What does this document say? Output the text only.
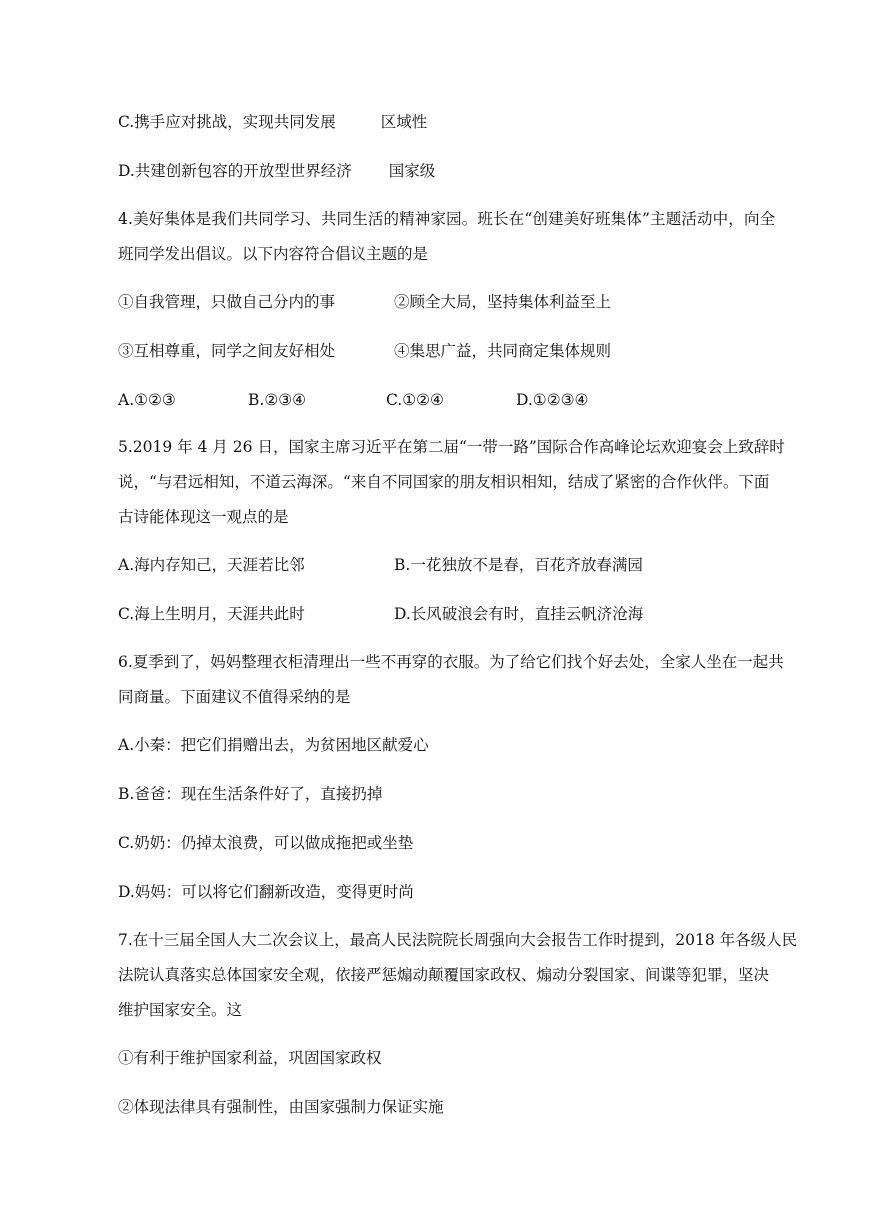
C.携手应对挑战，实现共同发展	区域性
D.共建创新包容的开放型世界经济 国家级
4.美好集体是我们共同学习、共同生活的精神家园。班长在“创建美好班集体”主题活动中，向全
班同学发出倡议。以下内容符合倡议主题的是
①自我管理，只做自己分内的事	②顾全大局，坚持集体利益至上
③互相尊重，同学之间友好相处	④集思广益，共同商定集体规则
A.①②③	B.②③④	C.①②④	D.①②③④
5.2019 年 4 月 26 日，国家主席习近平在第二届“一带一路”国际合作高峰论坛欢迎宴会上致辞时
说，“与君远相知，不道云海深。“来自不同国家的朋友相识相知，结成了紧密的合作伙伴。下面
古诗能体现这一观点的是
A.海内存知己，天涯若比邻	B.一花独放不是春，百花齐放春满园
C.海上生明月，天涯共此时	D.长风破浪会有时，直挂云帆济沧海
6.夏季到了，妈妈整理衣柜清理出一些不再穿的衣服。为了给它们找个好去处，全家人坐在一起共
同商量。下面建议不值得采纳的是
A.小秦：把它们捐赠出去，为贫困地区献爱心
B.爸爸：现在生活条件好了，直接扔掉
C.奶奶：仍掉太浪费，可以做成拖把或坐垫
D.妈妈：可以将它们翻新改造，变得更时尚
7.在十三届全国人大二次会议上，最高人民法院院长周强向大会报告工作时提到，2018 年各级人民
法院认真落实总体国家安全观，依接严惩煽动颠覆国家政权、煽动分裂国家、间谍等犯罪，坚决
维护国家安全。这
①有利于维护国家利益，巩固国家政权
②体现法律具有强制性，由国家强制力保证实施
